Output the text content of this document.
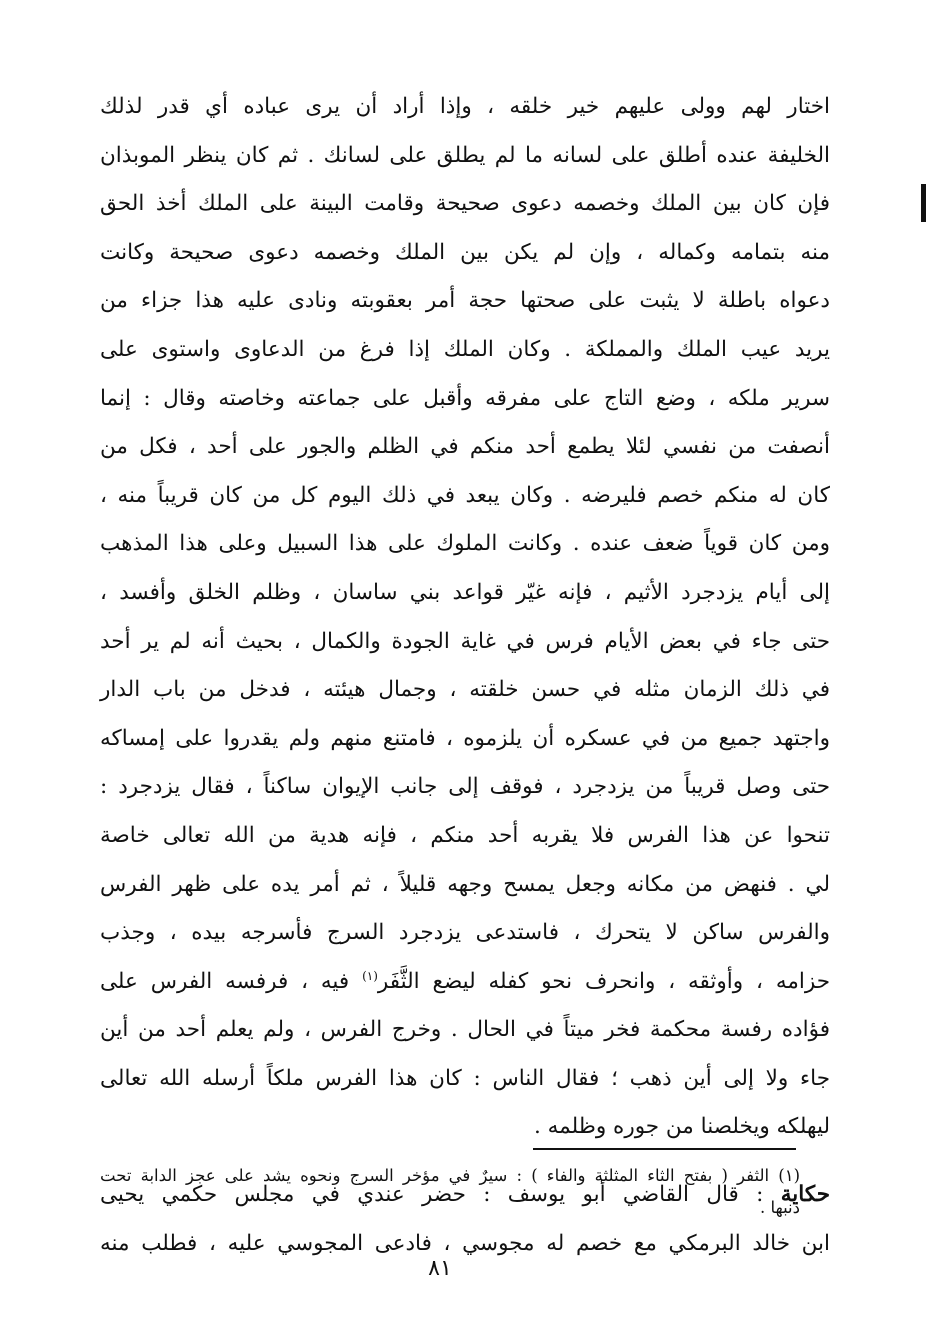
اختار لهم وولى عليهم خير خلقه ، وإذا أراد أن يرى عباده أي قدر لذلك
الخليفة عنده أطلق على لسانه ما لم يطلق على لسانك . ثم كان ينظر الموبذان
فإن كان بين الملك وخصمه دعوى صحيحة وقامت البينة على الملك أخذ الحق
منه بتمامه وكماله ، وإن لم يكن بين الملك وخصمه دعوى صحيحة وكانت
دعواه باطلة لا يثبت على صحتها حجة أمر بعقوبته ونادى عليه هذا جزاء من
يريد عيب الملك والمملكة . وكان الملك إذا فرغ من الدعاوى واستوى على
سرير ملكه ، وضع التاج على مفرقه وأقبل على جماعته وخاصته وقال : إنما
أنصفت من نفسي لئلا يطمع أحد منكم في الظلم والجور على أحد ، فكل من
كان له منكم خصم فليرضه . وكان يبعد في ذلك اليوم كل من كان قريباً منه ،
ومن كان قوياً ضعف عنده . وكانت الملوك على هذا السبيل وعلى هذا المذهب
إلى أيام يزدجرد الأثيم ، فإنه غيّر قواعد بني ساسان ، وظلم الخلق وأفسد ،
حتى جاء في بعض الأيام فرس في غاية الجودة والكمال ، بحيث أنه لم ير أحد
في ذلك الزمان مثله في حسن خلقته ، وجمال هيئته ، فدخل من باب الدار
واجتهد جميع من في عسكره أن يلزموه ، فامتنع منهم ولم يقدروا على إمساكه
حتى وصل قريباً من يزدجرد ، فوقف إلى جانب الإيوان ساكناً ، فقال يزدجرد :
تنحوا عن هذا الفرس فلا يقربه أحد منكم ، فإنه هدية من الله تعالى خاصة
لي . فنهض من مكانه وجعل يمسح وجهه قليلاً ، ثم أمر يده على ظهر الفرس
والفرس ساكن لا يتحرك ، فاستدعى يزدجرد السرج فأسرجه بيده ، وجذب
حزامه ، وأوثقه ، وانحرف نحو كفله ليضع الثَّفَر$^{(١)}$ فيه ، فرفسه الفرس على
فؤاده رفسة محكمة فخر ميتاً في الحال . وخرج الفرس ، ولم يعلم أحد من أين
جاء ولا إلى أين ذهب ؛ فقال الناس : كان هذا الفرس ملكاً أرسله الله تعالى
ليهلكه ويخلصنا من جوره وظلمه .
حكاية : قال القاضي أبو يوسف : حضر عندي في مجلس حكمي يحيى
ابن خالد البرمكي مع خصم له مجوسي ، فادعى المجوسي عليه ، فطلب منه
(١) الثفر ( بفتح الثاء المثلثة والفاء ) : سيرٌ في مؤخر السرج ونحوه يشد على عجز الدابة تحت
ذنبها .
٨١
